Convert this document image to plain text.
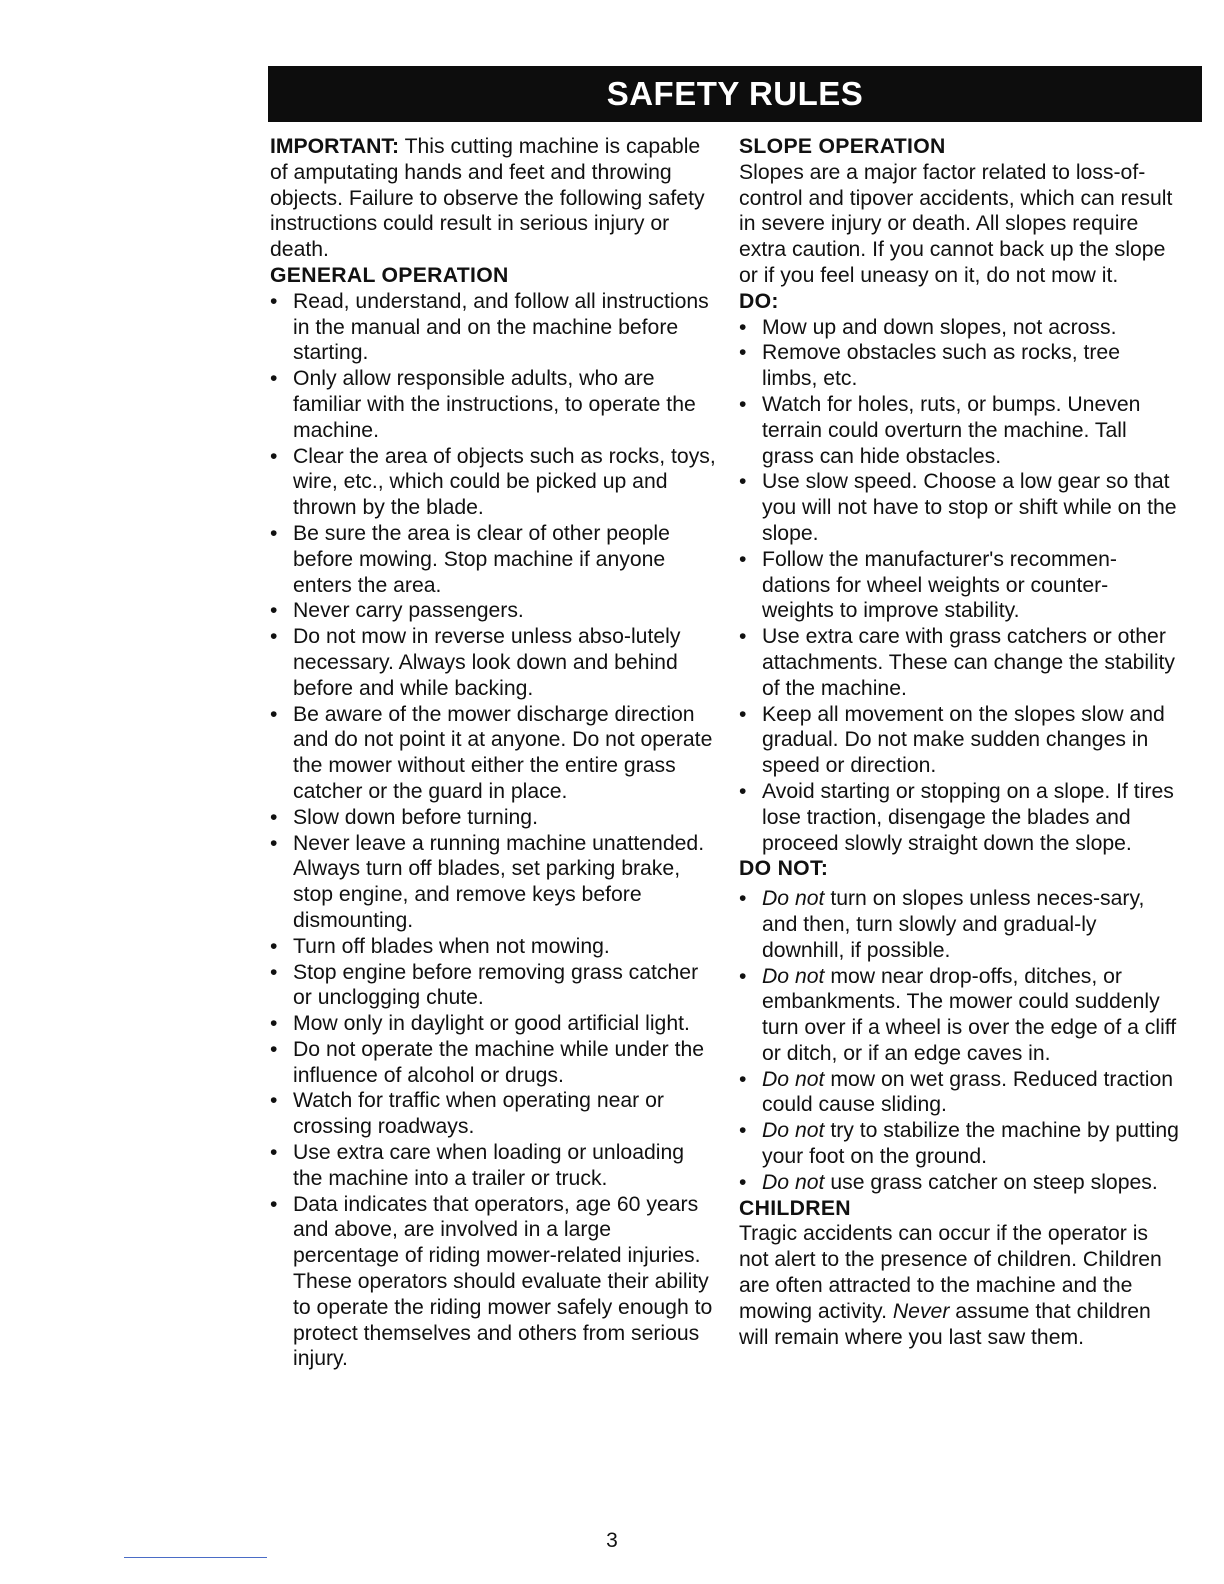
SAFETY RULES

IMPORTANT: This cutting machine is capable of amputating hands and feet and throwing objects. Failure to observe the following safety instructions could result in serious injury or death.

GENERAL OPERATION
• Read, understand, and follow all instructions in the manual and on the machine before starting.
• Only allow responsible adults, who are familiar with the instructions, to operate the machine.
• Clear the area of objects such as rocks, toys, wire, etc., which could be picked up and thrown by the blade.
• Be sure the area is clear of other people before mowing. Stop machine if anyone enters the area.
• Never carry passengers.
• Do not mow in reverse unless abso-lutely necessary. Always look down and behind before and while backing.
• Be aware of the mower discharge direction and do not point it at anyone. Do not operate the mower without either the entire grass catcher or the guard in place.
• Slow down before turning.
• Never leave a running machine unattended. Always turn off blades, set parking brake, stop engine, and remove keys before dismounting.
• Turn off blades when not mowing.
• Stop engine before removing grass catcher or unclogging chute.
• Mow only in daylight or good artificial light.
• Do not operate the machine while under the influence of alcohol or drugs.
• Watch for traffic when operating near or crossing roadways.
• Use extra care when loading or unloading the machine into a trailer or truck.
• Data indicates that operators, age 60 years and above, are involved in a large percentage of riding mower-related injuries. These operators should evaluate their ability to operate the riding mower safely enough to protect themselves and others from serious injury.
SLOPE OPERATION

Slopes are a major factor related to loss-of-control and tipover accidents, which can result in severe injury or death. All slopes require extra caution. If you cannot back up the slope or if you feel uneasy on it, do not mow it.

DO:
• Mow up and down slopes, not across.
• Remove obstacles such as rocks, tree limbs, etc.
• Watch for holes, ruts, or bumps. Uneven terrain could overturn the machine. Tall grass can hide obstacles.
• Use slow speed. Choose a low gear so that you will not have to stop or shift while on the slope.
• Follow the manufacturer's recommen-dations for wheel weights or counter-weights to improve stability.
• Use extra care with grass catchers or other attachments. These can change the stability of the machine.
• Keep all movement on the slopes slow and gradual. Do not make sudden changes in speed or direction.
• Avoid starting or stopping on a slope. If tires lose traction, disengage the blades and proceed slowly straight down the slope.
DO NOT:
• Do not turn on slopes unless neces-sary, and then, turn slowly and gradual-ly downhill, if possible.
• Do not mow near drop-offs, ditches, or embankments. The mower could suddenly turn over if a wheel is over the edge of a cliff or ditch, or if an edge caves in.
• Do not mow on wet grass. Reduced traction could cause sliding.
• Do not try to stabilize the machine by putting your foot on the ground.
• Do not use grass catcher on steep slopes.
CHILDREN

Tragic accidents can occur if the operator is not alert to the presence of children. Children are often attracted to the machine and the mowing activity. Never assume that children will remain where you last saw them.

3
